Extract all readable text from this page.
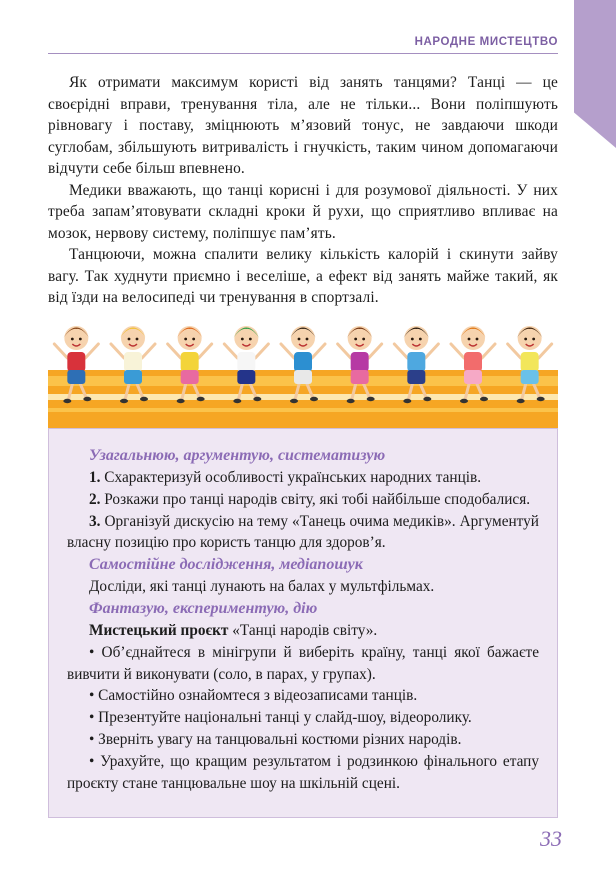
НАРОДНЕ МИСТЕЦТВО

Як отримати максимум користі від занять танцями? Танці — це своєрідні вправи, тренування тіла, але не тільки... Вони поліпшують рівновагу і поставу, зміцнюють м’язовий тонус, не завдаючи шкоди суглобам, збільшують витривалість і гнучкість, таким чином допомагаючи відчути себе більш впевнено.

Медики вважають, що танці корисні і для розумової діяльності. У них треба запам’ятовувати складні кроки й рухи, що сприятливо впливає на мозок, нервову систему, поліпшує пам’ять.

Танцюючи, можна спалити велику кількість калорій і скинути зайву вагу. Так худнути приємно і веселіше, а ефект від занять майже такий, як від їзди на велосипеді чи тренування в спортзалі.

Узагальнюю, аргументую, систематизую

1. Схарактеризуй особливості українських народних танців.

2. Розкажи про танці народів світу, які тобі найбільше сподобалися.

3. Організуй дискусію на тему «Танець очима медиків». Аргументуй власну позицію про користь танцю для здоров’я.

Самостійне дослідження, медіапошук

Досліди, які танці лунають на балах у мультфільмах.

Фантазую, експериментую, дію

Мистецький проєкт «Танці народів світу».

• Об’єднайтеся в мінігрупи й виберіть країну, танці якої бажаєте вивчити й виконувати (соло, в парах, у групах).

• Самостійно ознайомтеся з відеозаписами танців.

• Презентуйте національні танці у слайд-шоу, відеоролику.

• Зверніть увагу на танцювальні костюми різних народів.

• Урахуйте, що кращим результатом і родзинкою фінального етапу проєкту стане танцювальне шоу на шкільній сцені.

33
